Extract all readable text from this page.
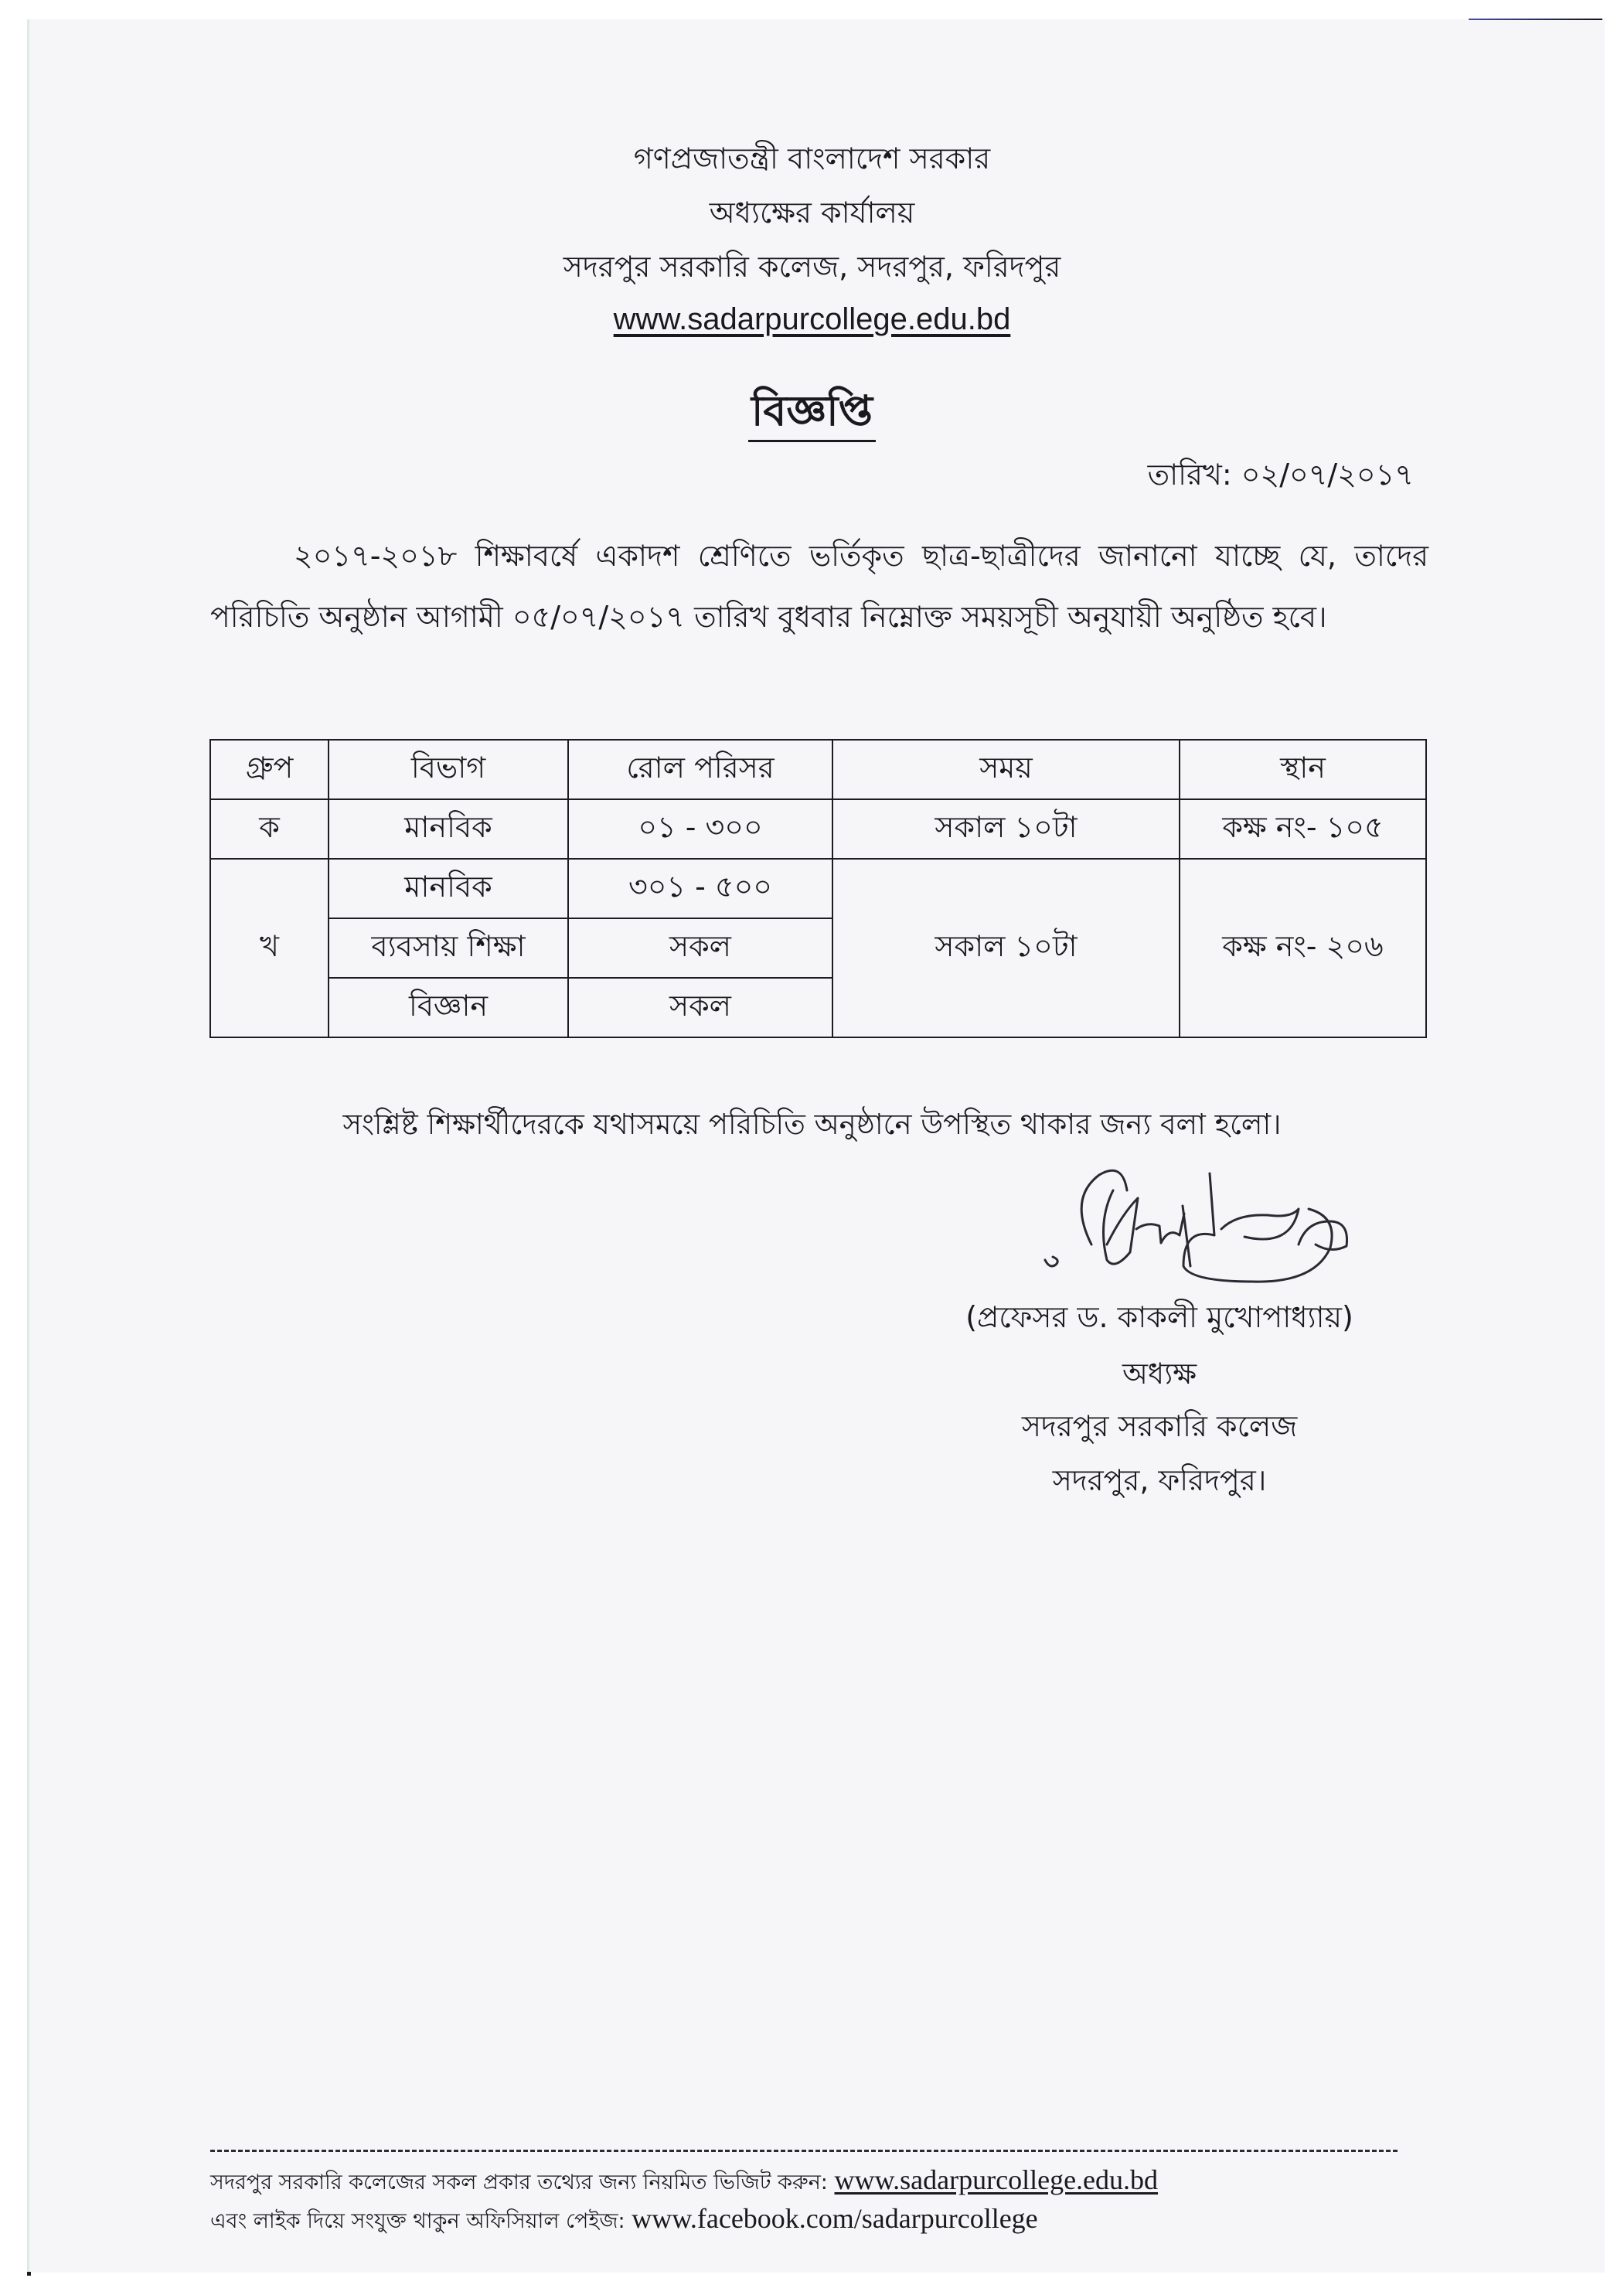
গণপ্রজাতন্ত্রী বাংলাদেশ সরকার
অধ্যক্ষের কার্যালয়
সদরপুর সরকারি কলেজ, সদরপুর, ফরিদপুর
www.sadarpurcollege.edu.bd
বিজ্ঞপ্তি
তারিখ: ০২/০৭/২০১৭
২০১৭-২০১৮ শিক্ষাবর্ষে একাদশ শ্রেণিতে ভর্তিকৃত ছাত্র-ছাত্রীদের জানানো যাচ্ছে যে, তাদের পরিচিতি অনুষ্ঠান আগামী ০৫/০৭/২০১৭ তারিখ বুধবার নিম্নোক্ত সময়সূচী অনুযায়ী অনুষ্ঠিত হবে।
গ্রুপ	বিভাগ	রোল পরিসর	সময়	স্থান
ক	মানবিক	০১ - ৩০০	সকাল ১০টা	কক্ষ নং- ১০৫
খ	মানবিক	৩০১ - ৫০০	সকাল ১০টা	কক্ষ নং- ২০৬
	ব্যবসায় শিক্ষা	সকল		
	বিজ্ঞান	সকল		
সংশ্লিষ্ট শিক্ষার্থীদেরকে যথাসময়ে পরিচিতি অনুষ্ঠানে উপস্থিত থাকার জন্য বলা হলো।
(প্রফেসর ড. কাকলী মুখোপাধ্যায়)
অধ্যক্ষ
সদরপুর সরকারি কলেজ
সদরপুর, ফরিদপুর।
সদরপুর সরকারি কলেজের সকল প্রকার তথ্যের জন্য নিয়মিত ভিজিট করুন: www.sadarpurcollege.edu.bd
এবং লাইক দিয়ে সংযুক্ত থাকুন অফিসিয়াল পেইজ: www.facebook.com/sadarpurcollege
